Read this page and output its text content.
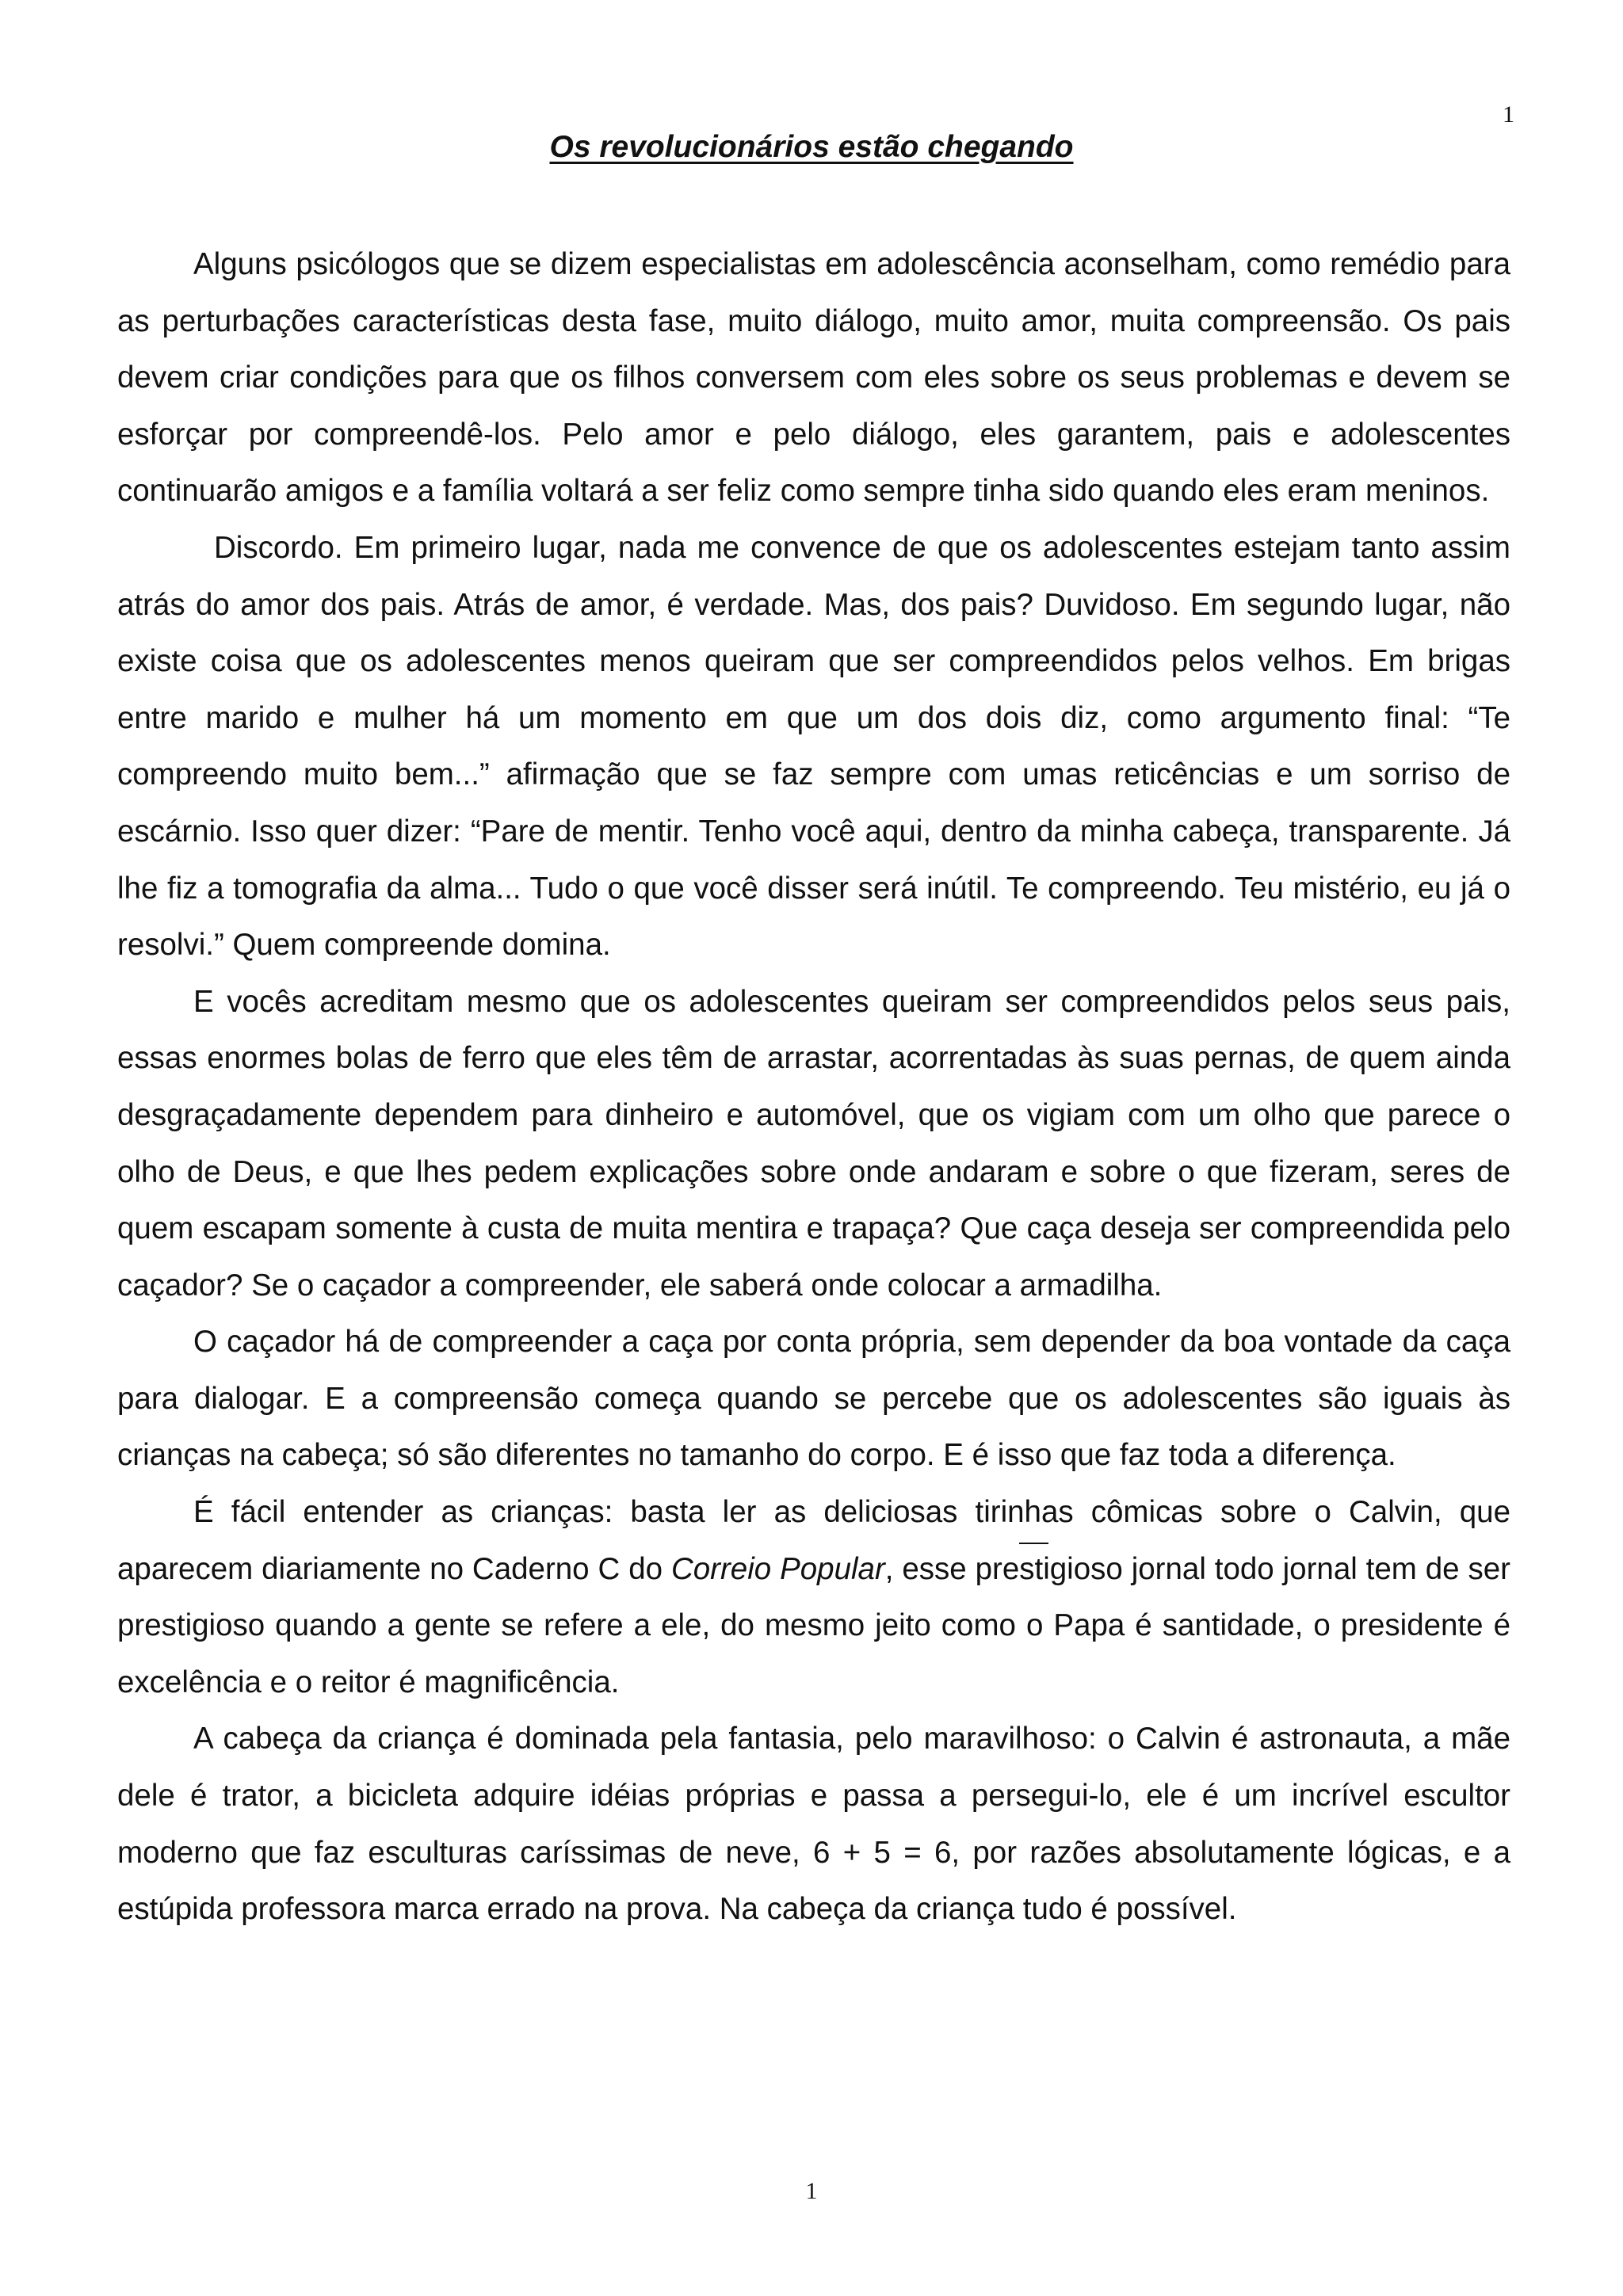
1
Os revolucionários estão chegando

Alguns psicólogos que se dizem especialistas em adolescência aconselham, como remédio para as perturbações características desta fase, muito diálogo, muito amor, muita compreensão. Os pais devem criar condições para que os filhos conversem com eles sobre os seus problemas e devem se esforçar por compreendê-los. Pelo amor e pelo diálogo, eles garantem, pais e adolescentes continuarão amigos e a família voltará a ser feliz como sempre tinha sido quando eles eram meninos.

Discordo. Em primeiro lugar, nada me convence de que os adolescentes estejam tanto assim atrás do amor dos pais. Atrás de amor, é verdade. Mas, dos pais? Duvidoso. Em segundo lugar, não existe coisa que os adolescentes menos queiram que ser compreendidos pelos velhos. Em brigas entre marido e mulher há um momento em que um dos dois diz, como argumento final: “Te compreendo muito bem...” afirmação que se faz sempre com umas reticências e um sorriso de escárnio. Isso quer dizer: “Pare de mentir. Tenho você aqui, dentro da minha cabeça, transparente. Já lhe fiz a tomografia da alma... Tudo o que você disser será inútil. Te compreendo. Teu mistério, eu já o resolvi.” Quem compreende domina.

E vocês acreditam mesmo que os adolescentes queiram ser compreendidos pelos seus pais, essas enormes bolas de ferro que eles têm de arrastar, acorrentadas às suas pernas, de quem ainda desgraçadamente dependem para dinheiro e automóvel, que os vigiam com um olho que parece o olho de Deus, e que lhes pedem explicações sobre onde andaram e sobre o que fizeram, seres de quem escapam somente à custa de muita mentira e trapaça? Que caça deseja ser compreendida pelo caçador? Se o caçador a compreender, ele saberá onde colocar a armadilha.

O caçador há de compreender a caça por conta própria, sem depender da boa vontade da caça para dialogar. E a compreensão começa quando se percebe que os adolescentes são iguais às crianças na cabeça; só são diferentes no tamanho do corpo. E é isso que faz toda a diferença.

É fácil entender as crianças: basta ler as deliciosas tirinhas cômicas sobre o Calvin, que aparecem diariamente no Caderno C do Correio Popular, esse prestigioso jornal todo jornal tem de ser prestigioso quando a gente se refere a ele, do mesmo jeito como o Papa é santidade, o presidente é excelência e o reitor é magnificência.

A cabeça da criança é dominada pela fantasia, pelo maravilhoso: o Calvin é astronauta, a mãe dele é trator, a bicicleta adquire idéias próprias e passa a persegui-lo, ele é um incrível escultor moderno que faz esculturas caríssimas de neve, 6 + 5 = 6, por razões absolutamente lógicas, e a estúpida professora marca errado na prova. Na cabeça da criança tudo é possível.

1
